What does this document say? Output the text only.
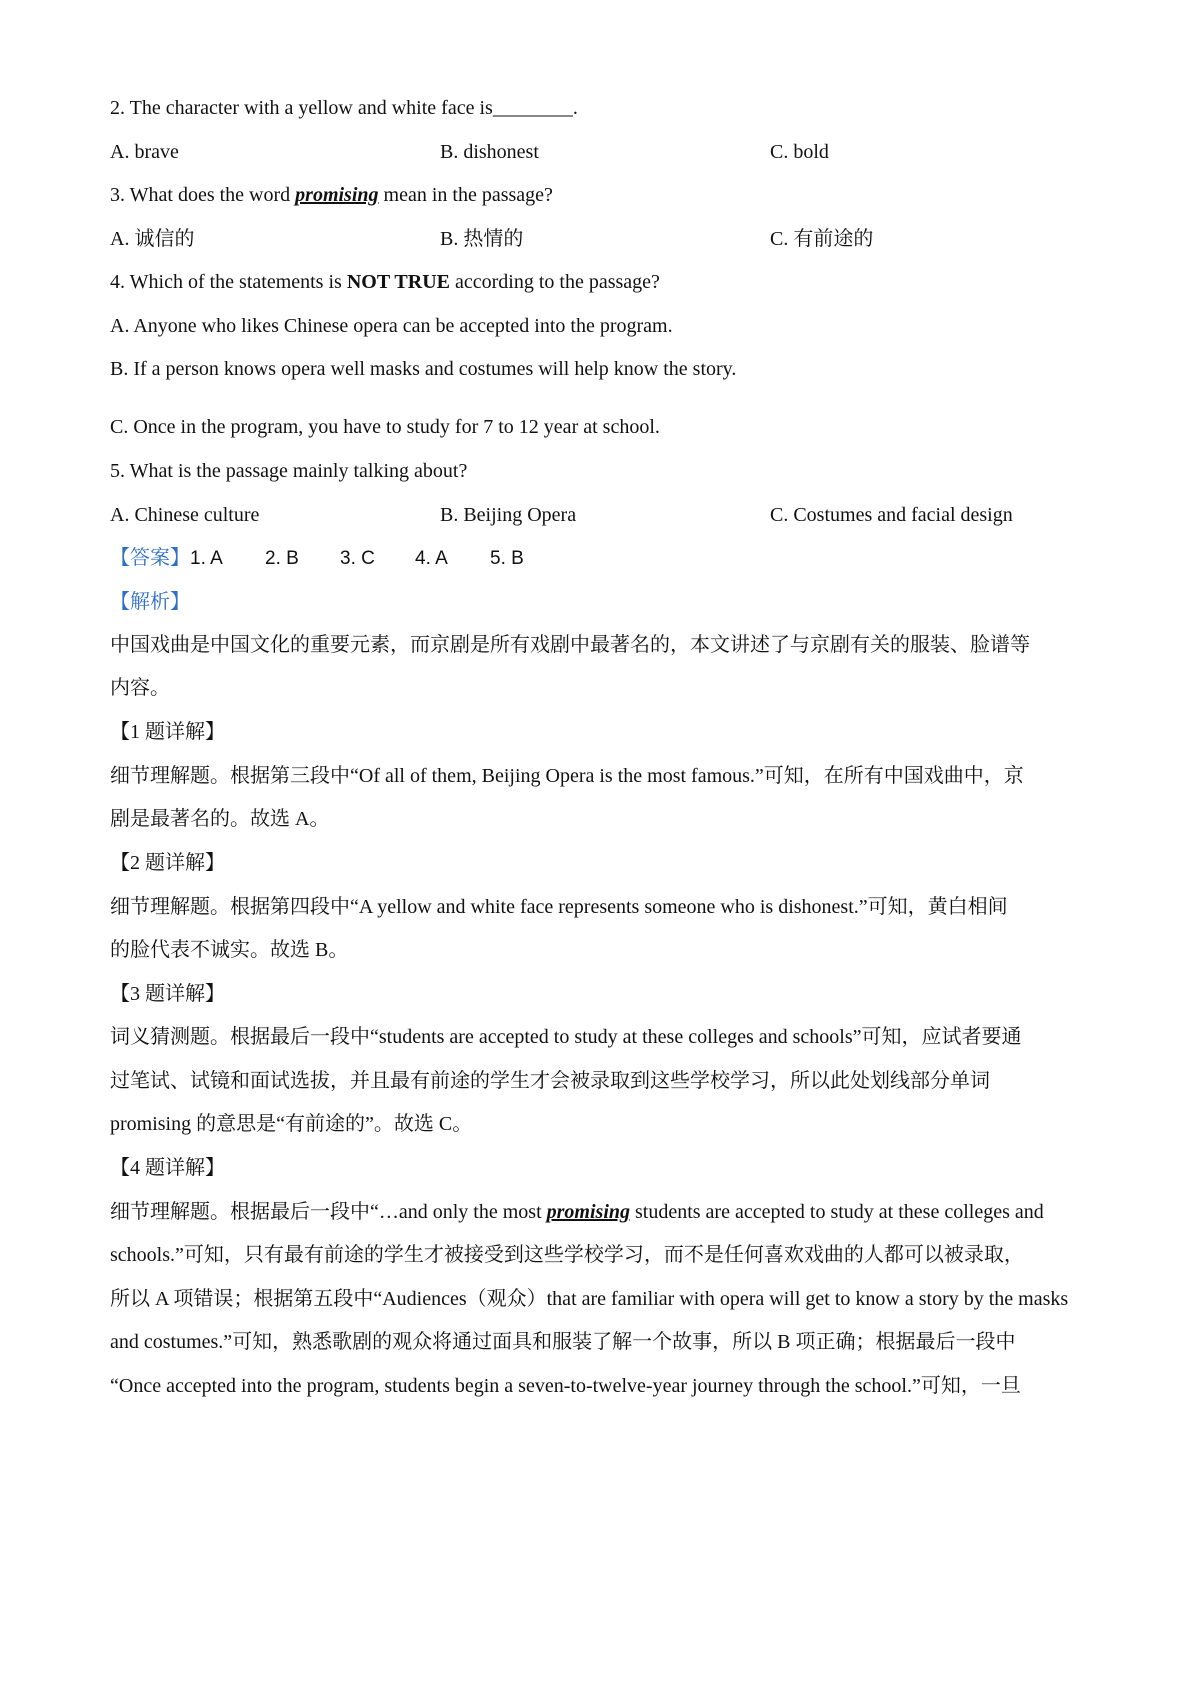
2. The character with a yellow and white face is________.
A. brave	B. dishonest	C. bold
3. What does the word promising mean in the passage?
A. 诚信的	B. 热情的	C. 有前途的
4. Which of the statements is NOT TRUE according to the passage?
A. Anyone who likes Chinese opera can be accepted into the program.
B. If a person knows opera well masks and costumes will help know the story.
C. Once in the program, you have to study for 7 to 12 year at school.
5. What is the passage mainly talking about?
A. Chinese culture	B. Beijing Opera	C. Costumes and facial design
【答案】1. A 2. B 3. C 4. A 5. B
【解析】
中国戏曲是中国文化的重要元素，而京剧是所有戏剧中最著名的，本文讲述了与京剧有关的服装、脸谱等
内容。
【1 题详解】
细节理解题。根据第三段中“Of all of them, Beijing Opera is the most famous.”可知，在所有中国戏曲中，京
剧是最著名的。故选 A。
【2 题详解】
细节理解题。根据第四段中“A yellow and white face represents someone who is dishonest.”可知，黄白相间
的脸代表不诚实。故选 B。
【3 题详解】
词义猜测题。根据最后一段中“students are accepted to study at these colleges and schools”可知，应试者要通
过笔试、试镜和面试选拔，并且最有前途的学生才会被录取到这些学校学习，所以此处划线部分单词
promising 的意思是“有前途的”。故选 C。
【4 题详解】
细节理解题。根据最后一段中“…and only the most promising students are accepted to study at these colleges and
schools.”可知，只有最有前途的学生才被接受到这些学校学习，而不是任何喜欢戏曲的人都可以被录取，
所以 A 项错误；根据第五段中“Audiences（观众）that are familiar with opera will get to know a story by the masks
and costumes.”可知，熟悉歌剧的观众将通过面具和服装了解一个故事，所以 B 项正确；根据最后一段中
“Once accepted into the program, students begin a seven-to-twelve-year journey through the school.”可知，一旦
